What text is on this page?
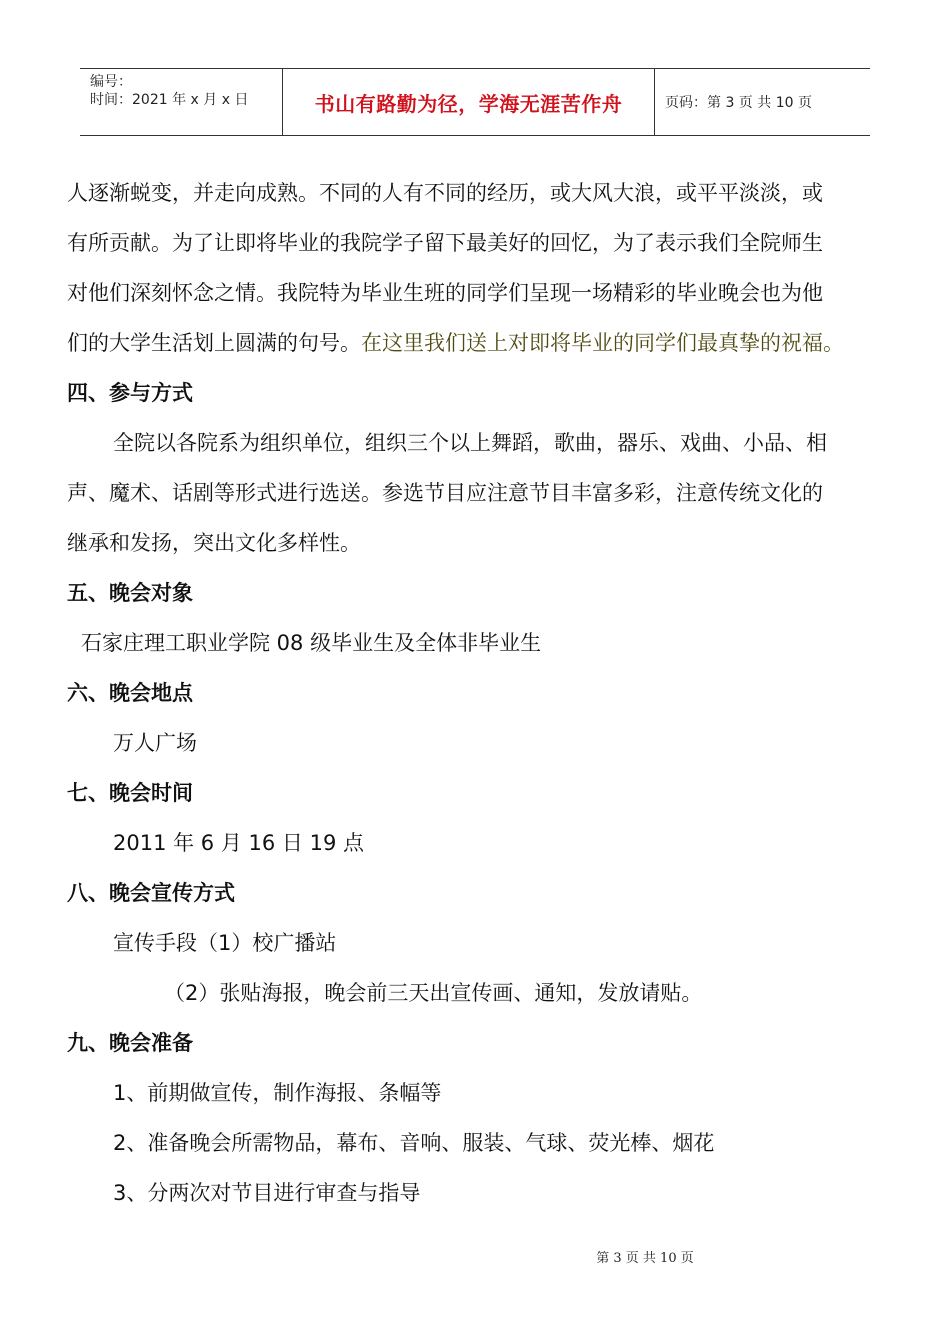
编号：
时间：2021 年 x 月 x 日	书山有路勤为径，学海无涯苦作舟	页码：第 3 页 共 10 页
人逐渐蜕变，并走向成熟。不同的人有不同的经历，或大风大浪，或平平淡淡，或
有所贡献。为了让即将毕业的我院学子留下最美好的回忆，为了表示我们全院师生
对他们深刻怀念之情。我院特为毕业生班的同学们呈现一场精彩的毕业晚会也为他
们的大学生活划上圆满的句号。在这里我们送上对即将毕业的同学们最真挚的祝福。
四、参与方式
全院以各院系为组织单位，组织三个以上舞蹈，歌曲，器乐、戏曲、小品、相
声、魔术、话剧等形式进行选送。参选节目应注意节目丰富多彩，注意传统文化的
继承和发扬，突出文化多样性。
五、晚会对象
石家庄理工职业学院 08 级毕业生及全体非毕业生
六、晚会地点
万人广场
七、晚会时间
2011 年 6 月 16 日 19 点
八、晚会宣传方式
宣传手段（1）校广播站
（2）张贴海报，晚会前三天出宣传画、通知，发放请贴。
九、晚会准备
1、前期做宣传，制作海报、条幅等
2、准备晚会所需物品，幕布、音响、服装、气球、荧光棒、烟花
3、分两次对节目进行审查与指导
第 3 页 共 10 页
